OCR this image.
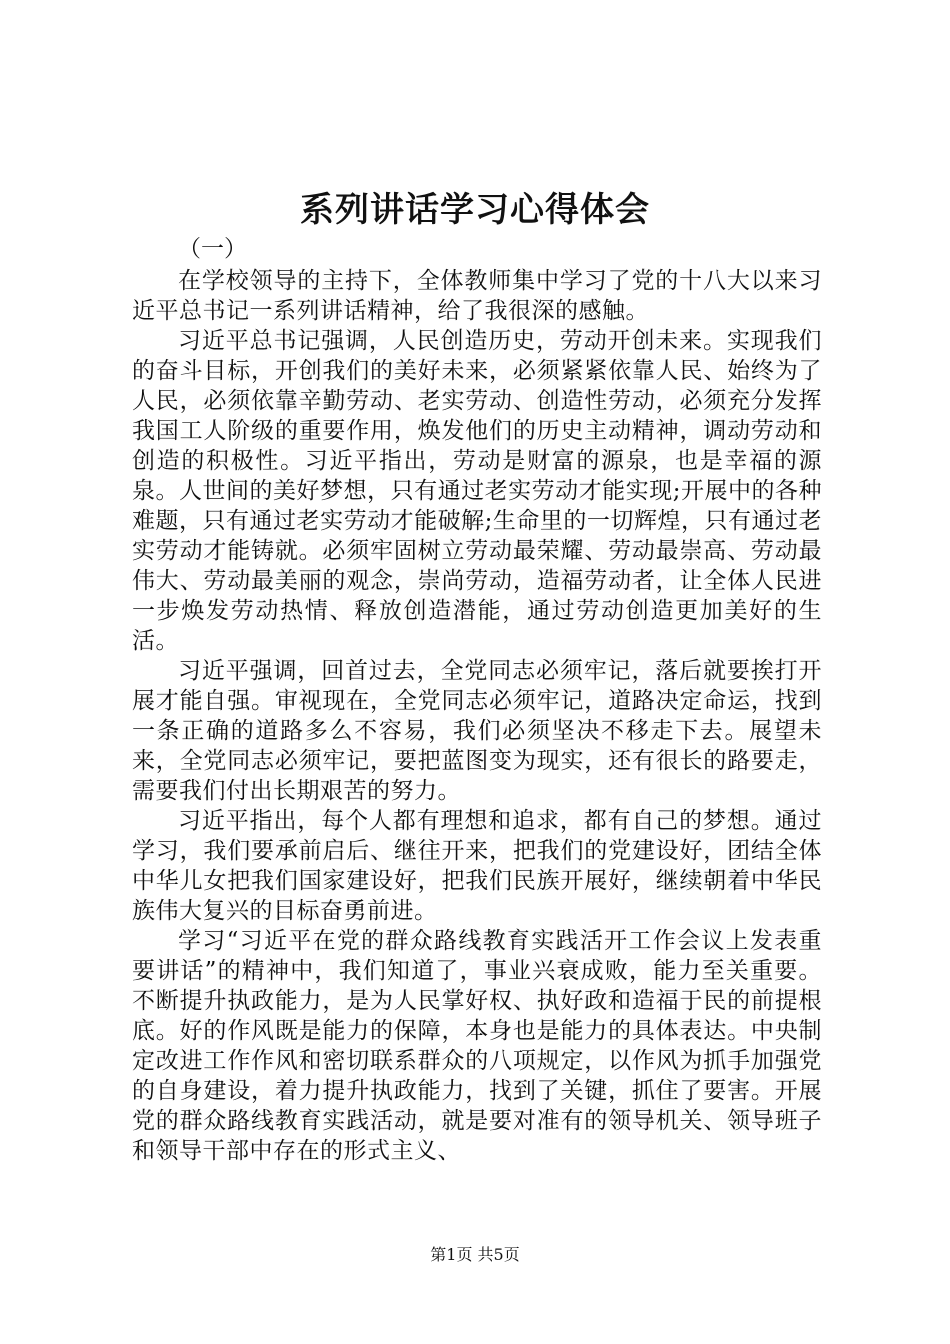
系列讲话学习心得体会
（一）

在学校领导的主持下，全体教师集中学习了党的十八大以来习近平总书记一系列讲话精神，给了我很深的感触。

习近平总书记强调，人民创造历史，劳动开创未来。实现我们的奋斗目标，开创我们的美好未来，必须紧紧依靠人民、始终为了人民，必须依靠辛勤劳动、老实劳动、创造性劳动，必须充分发挥我国工人阶级的重要作用，焕发他们的历史主动精神，调动劳动和创造的积极性。习近平指出，劳动是财富的源泉，也是幸福的源泉。人世间的美好梦想，只有通过老实劳动才能实现;开展中的各种难题，只有通过老实劳动才能破解;生命里的一切辉煌，只有通过老实劳动才能铸就。必须牢固树立劳动最荣耀、劳动最崇高、劳动最伟大、劳动最美丽的观念，崇尚劳动，造福劳动者，让全体人民进一步焕发劳动热情、释放创造潜能，通过劳动创造更加美好的生活。

习近平强调，回首过去，全党同志必须牢记，落后就要挨打开展才能自强。审视现在，全党同志必须牢记，道路决定命运，找到一条正确的道路多么不容易，我们必须坚决不移走下去。展望未来，全党同志必须牢记，要把蓝图变为现实，还有很长的路要走，需要我们付出长期艰苦的努力。

习近平指出，每个人都有理想和追求，都有自己的梦想。通过学习，我们要承前启后、继往开来，把我们的党建设好，团结全体中华儿女把我们国家建设好，把我们民族开展好，继续朝着中华民族伟大复兴的目标奋勇前进。

学习“习近平在党的群众路线教育实践活开工作会议上发表重要讲话”的精神中，我们知道了，事业兴衰成败，能力至关重要。不断提升执政能力，是为人民掌好权、执好政和造福于民的前提根底。好的作风既是能力的保障，本身也是能力的具体表达。中央制定改进工作作风和密切联系群众的八项规定，以作风为抓手加强党的自身建设，着力提升执政能力，找到了关键，抓住了要害。开展党的群众路线教育实践活动，就是要对准有的领导机关、领导班子和领导干部中存在的形式主义、

第1页 共5页
